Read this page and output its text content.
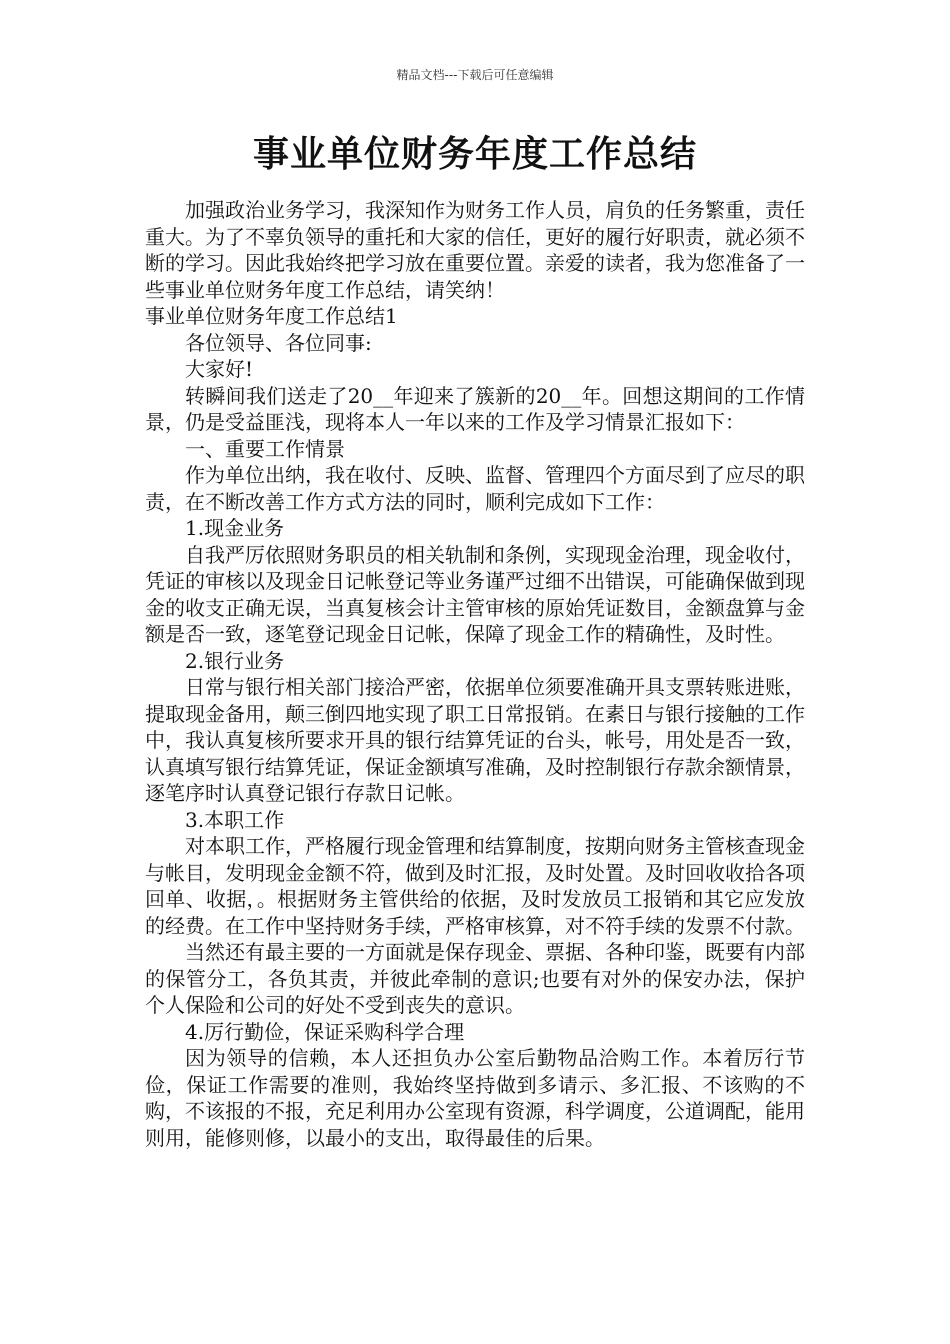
精品文档---下载后可任意编辑
事业单位财务年度工作总结

加强政治业务学习，我深知作为财务工作人员，肩负的任务繁重，责任重大。为了不辜负领导的重托和大家的信任，更好的履行好职责，就必须不断的学习。因此我始终把学习放在重要位置。亲爱的读者，我为您准备了一些事业单位财务年度工作总结，请笑纳！

事业单位财务年度工作总结1

各位领导、各位同事:

大家好!

转瞬间我们送走了20__年迎来了簇新的20__年。回想这期间的工作情景，仍是受益匪浅，现将本人一年以来的工作及学习情景汇报如下：

一、重要工作情景

作为单位出纳，我在收付、反映、监督、管理四个方面尽到了应尽的职责，在不断改善工作方式方法的同时，顺利完成如下工作：

1.现金业务

自我严厉依照财务职员的相关轨制和条例，实现现金治理，现金收付，凭证的审核以及现金日记帐登记等业务谨严过细不出错误，可能确保做到现金的收支正确无误，当真复核会计主管审核的原始凭证数目，金额盘算与金额是否一致，逐笔登记现金日记帐，保障了现金工作的精确性，及时性。

2.银行业务

日常与银行相关部门接洽严密，依据单位须要准确开具支票转账进账，提取现金备用，颠三倒四地实现了职工日常报销。在素日与银行接触的工作中，我认真复核所要求开具的银行结算凭证的台头，帐号，用处是否一致，认真填写银行结算凭证，保证金额填写准确，及时控制银行存款余额情景，逐笔序时认真登记银行存款日记帐。

3.本职工作

对本职工作，严格履行现金管理和结算制度，按期向财务主管核查现金与帐目，发明现金金额不符，做到及时汇报，及时处置。及时回收收拾各项回单、收据，。根据财务主管供给的依据，及时发放员工报销和其它应发放的经费。在工作中坚持财务手续，严格审核算，对不符手续的发票不付款。

当然还有最主要的一方面就是保存现金、票据、各种印鉴，既要有内部的保管分工，各负其责，并彼此牵制的意识;也要有对外的保安办法，保护个人保险和公司的好处不受到丧失的意识。

4.厉行勤俭，保证采购科学合理

因为领导的信赖，本人还担负办公室后勤物品洽购工作。本着厉行节俭，保证工作需要的准则，我始终坚持做到多请示、多汇报、不该购的不购，不该报的不报，充足利用办公室现有资源，科学调度，公道调配，能用则用，能修则修，以最小的支出，取得最佳的后果。
